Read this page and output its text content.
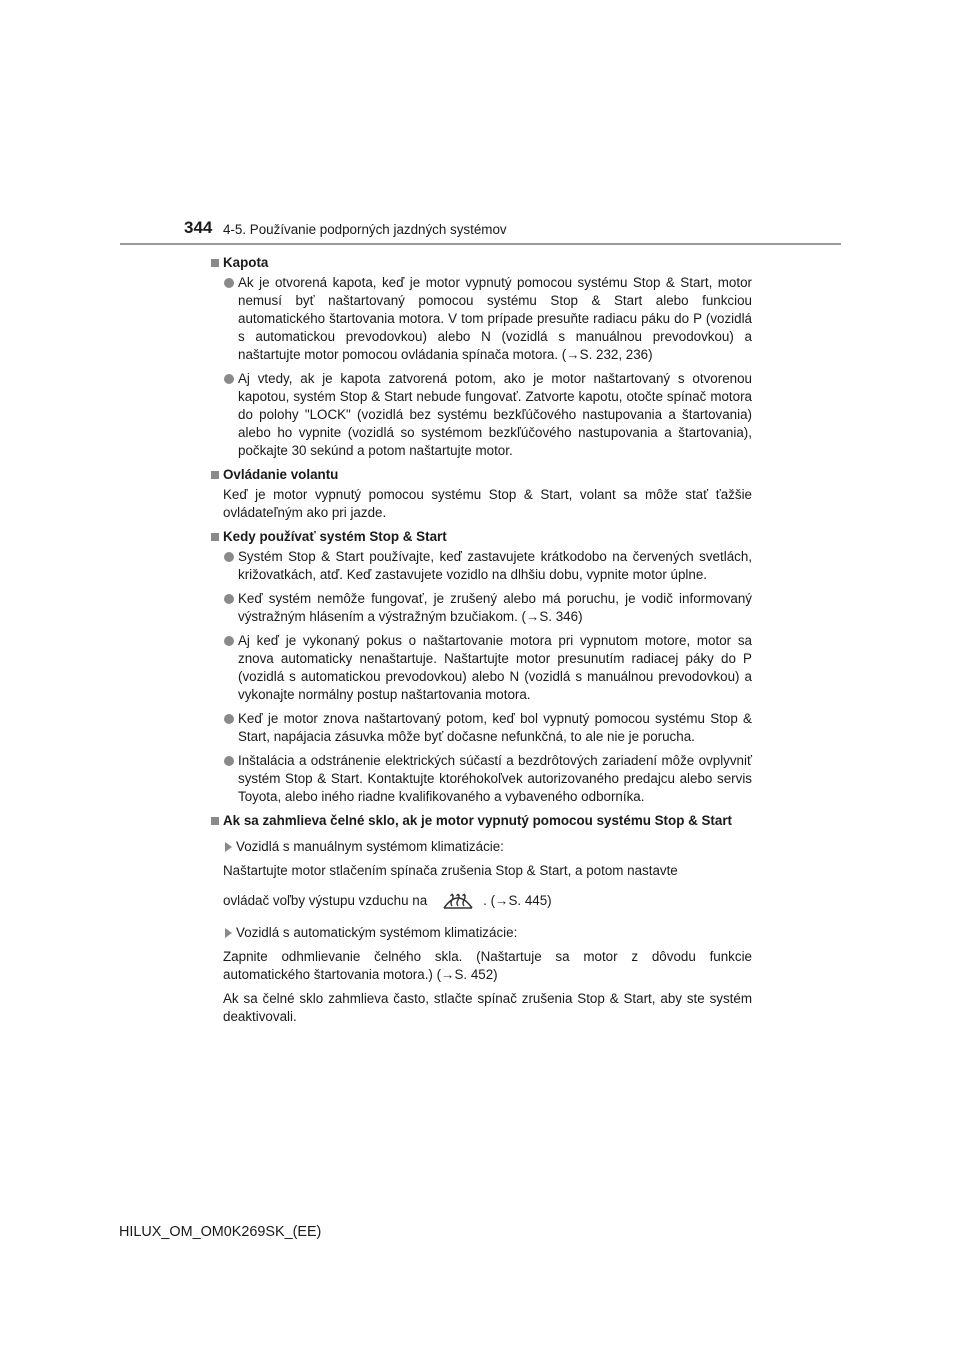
344 4-5. Používanie podporných jazdných systémov
Kapota
Ak je otvorená kapota, keď je motor vypnutý pomocou systému Stop & Start, motor nemusí byť naštartovaný pomocou systému Stop & Start alebo funkciou automatického štartovania motora. V tom prípade presuňte radiacu páku do P (vozidlá s automatickou prevodovkou) alebo N (vozidlá s manuálnou prevodovkou) a naštartujte motor pomocou ovládania spínača motora. (→S. 232, 236)
Aj vtedy, ak je kapota zatvorená potom, ako je motor naštartovaný s otvorenou kapotou, systém Stop & Start nebude fungovať. Zatvorte kapotu, otočte spínač motora do polohy "LOCK" (vozidlá bez systému bezkľúčového nastupovania a štartovania) alebo ho vypnite (vozidlá so systémom bezkľúčového nastupovania a štartovania), počkajte 30 sekúnd a potom naštartujte motor.
Ovládanie volantu
Keď je motor vypnutý pomocou systému Stop & Start, volant sa môže stať ťažšie ovládateľným ako pri jazde.
Kedy používať systém Stop & Start
Systém Stop & Start používajte, keď zastavujete krátkodobo na červených svetlách, križovatkách, atď. Keď zastavujete vozidlo na dlhšiu dobu, vypnite motor úplne.
Keď systém nemôže fungovať, je zrušený alebo má poruchu, je vodič informovaný výstražným hlásením a výstražným bzučiakom. (→S. 346)
Aj keď je vykonaný pokus o naštartovanie motora pri vypnutom motore, motor sa znova automaticky nenaštartuje. Naštartujte motor presunutím radiacej páky do P (vozidlá s automatickou prevodovkou) alebo N (vozidlá s manuálnou prevodovkou) a vykonajte normálny postup naštartovania motora.
Keď je motor znova naštartovaný potom, keď bol vypnutý pomocou systému Stop & Start, napájacia zásuvka môže byť dočasne nefunkčná, to ale nie je porucha.
Inštalácia a odstránenie elektrických súčastí a bezdrôtových zariadení môže ovplyvniť systém Stop & Start. Kontaktujte ktoréhokoľvek autorizovaného predajcu alebo servis Toyota, alebo iného riadne kvalifikovaného a vybaveného odborníka.
Ak sa zahmlieva čelné sklo, ak je motor vypnutý pomocou systému Stop & Start
Vozidlá s manuálnym systémom klimatizácie:
Naštartujte motor stlačením spínača zrušenia Stop & Start, a potom nastavte
ovládač voľby výstupu vzduchu na	. (→S. 445)
Vozidlá s automatickým systémom klimatizácie:
Zapnite odhmlievanie čelného skla. (Naštartuje sa motor z dôvodu funkcie automatického štartovania motora.) (→S. 452)
Ak sa čelné sklo zahmlieva často, stlačte spínač zrušenia Stop & Start, aby ste systém deaktivovali.
HILUX_OM_OM0K269SK_(EE)
